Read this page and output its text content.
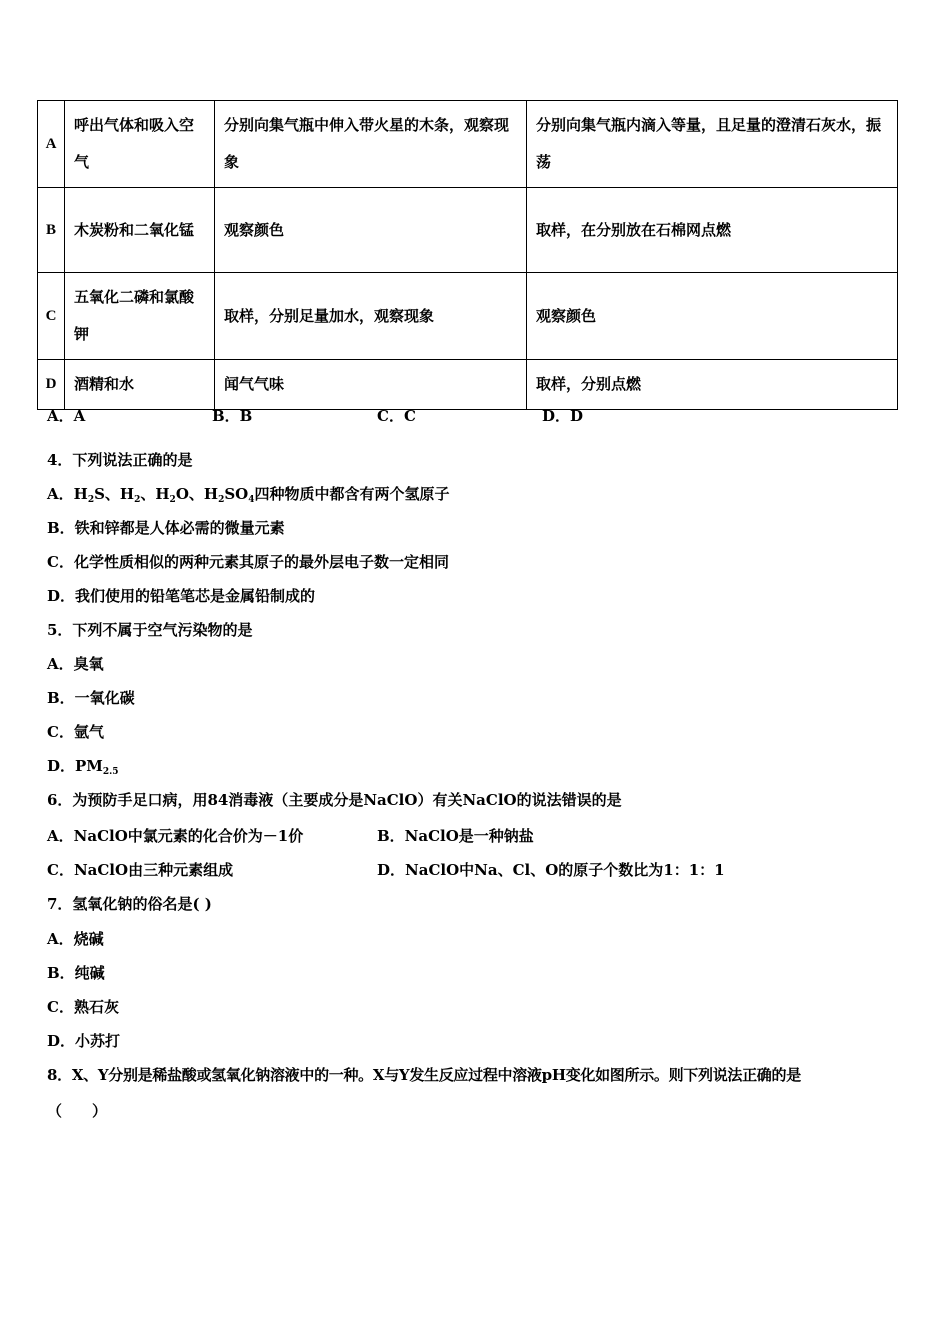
A	呼出气体和吸入空气	分别向集气瓶中伸入带火星的木条，观察现象	分别向集气瓶内滴入等量，且足量的澄清石灰水，振荡
B	木炭粉和二氧化锰	观察颜色	取样，在分别放在石棉网点燃
C	五氧化二磷和氯酸钾	取样，分别足量加水，观察现象	观察颜色
D	酒精和水	闻气气味	取样，分别点燃
A．A	B．B	C．C	D．D
4．下列说法正确的是
A．$H_2S$、$H_2$、$H_2O$、$H_2SO_4$四种物质中都含有两个氢原子
B．铁和锌都是人体必需的微量元素
C．化学性质相似的两种元素其原子的最外层电子数一定相同
D．我们使用的铅笔笔芯是金属铅制成的
5．下列不属于空气污染物的是
A．臭氧
B．一氧化碳
C．氩气
D．$PM_{2.5}$
6．为预防手足口病，用84消毒液（主要成分是NaClO）有关NaClO的说法错误的是
A．NaClO中氯元素的化合价为－1价	B．NaClO是一种钠盐
C．NaClO由三种元素组成	D．NaClO中Na、Cl、O的原子个数比为1：1：1
7．氢氧化钠的俗名是( )
A．烧碱
B．纯碱
C．熟石灰
D．小苏打
8．X、Y分别是稀盐酸或氢氧化钠溶液中的一种。X与Y发生反应过程中溶液pH变化如图所示。则下列说法正确的是
（　　）
